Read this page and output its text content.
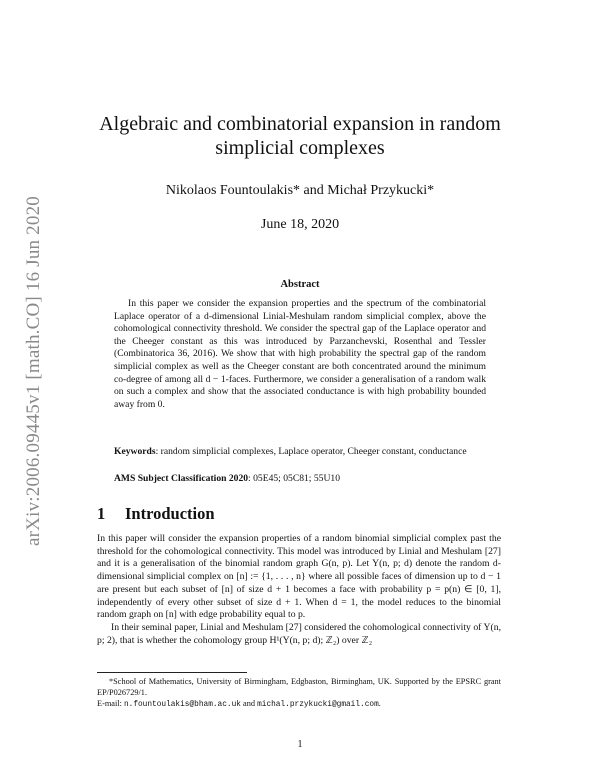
arXiv:2006.09445v1 [math.CO] 16 Jun 2020
Algebraic and combinatorial expansion in random
simplicial complexes
Nikolaos Fountoulakis* and Michał Przykucki*
June 18, 2020
Abstract

In this paper we consider the expansion properties and the spectrum of the combinatorial Laplace operator of a d-dimensional Linial-Meshulam random simplicial complex, above the cohomological connectivity threshold. We consider the spectral gap of the Laplace operator and the Cheeger constant as this was introduced by Parzanchevski, Rosenthal and Tessler (Combinatorica 36, 2016). We show that with high probability the spectral gap of the random simplicial complex as well as the Cheeger constant are both concentrated around the minimum co-degree of among all d − 1-faces. Furthermore, we consider a generalisation of a random walk on such a complex and show that the associated conductance is with high probability bounded away from 0.

Keywords: random simplicial complexes, Laplace operator, Cheeger constant, conductance
AMS Subject Classification 2020: 05E45; 05C81; 55U10
1 Introduction

In this paper will consider the expansion properties of a random binomial simplicial complex past the threshold for the cohomological connectivity. This model was introduced by Linial and Meshulam [27] and it is a generalisation of the binomial random graph G(n, p). Let Y(n, p; d) denote the random d-dimensional simplicial complex on [n] := {1, . . . , n} where all possible faces of dimension up to d − 1 are present but each subset of [n] of size d + 1 becomes a face with probability p = p(n) ∈ [0, 1], independently of every other subset of size d + 1. When d = 1, the model reduces to the binomial random graph on [n] with edge probability equal to p.

In their seminal paper, Linial and Meshulam [27] considered the cohomological connectivity of Y(n, p; 2), that is whether the cohomology group H¹(Y(n, p; d); ℤ₂) over ℤ₂

*School of Mathematics, University of Birmingham, Edgbaston, Birmingham, UK. Supported by the EPSRC grant EP/P026729/1.

E-mail: n.fountoulakis@bham.ac.uk and michal.przykucki@gmail.com.

1
